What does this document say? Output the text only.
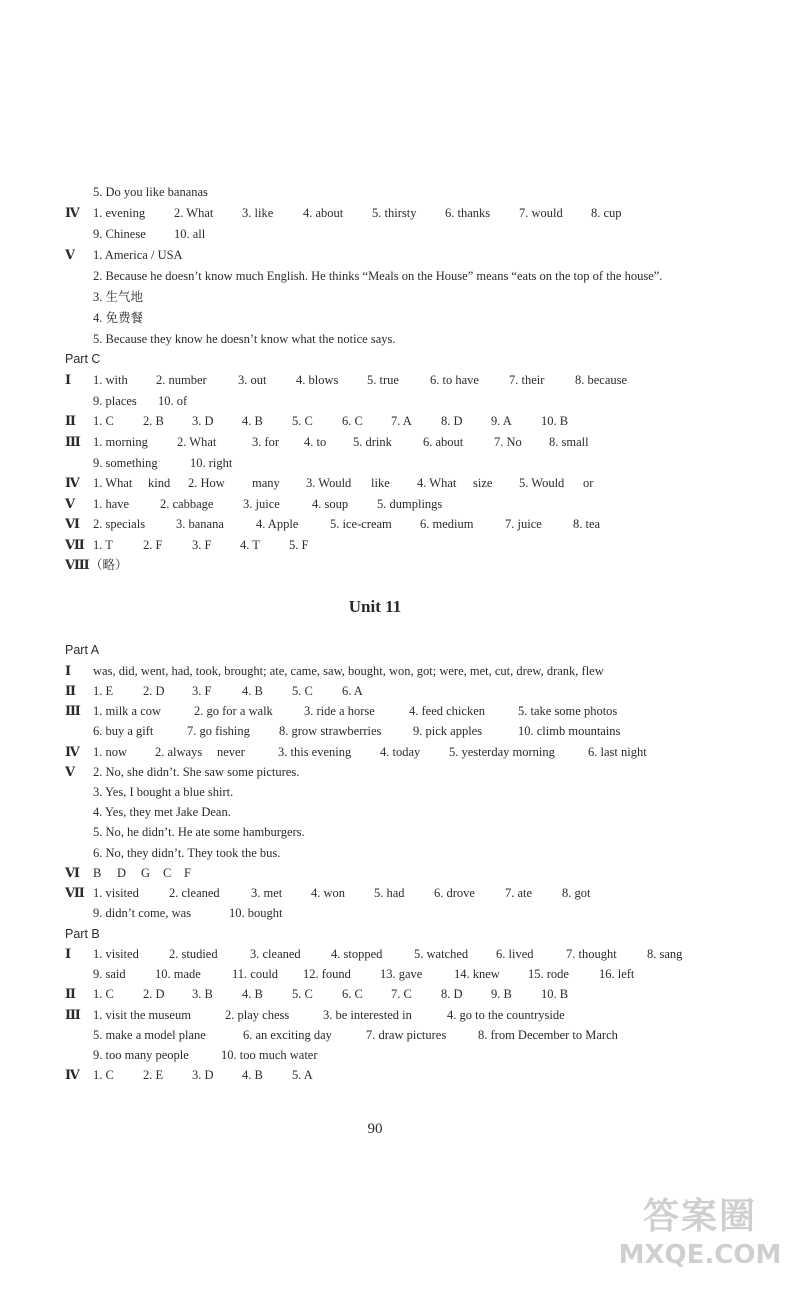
5. Do you like bananas
Ⅳ	1. evening 2. What 3. like 4. about 5. thirsty 6. thanks 7. would 8. cup
9. Chinese 10. all
Ⅴ	1. America / USA
2. Because he doesn’t know much English. He thinks “Meals on the House” means “eats on the top of the house”.
3. 生气地
4. 免费餐
5. Because they know he doesn’t know what the notice says.
Part C
Ⅰ	1. with 2. number	3. out 4. blows 5. true 6. to have 7. their 8. because
9. places 10. of
Ⅱ	1. C 2. B 3. D 4. B 5. C 6. C 7. A 8. D 9. A 10. B
Ⅲ 1. morning 2. What	3. for 4. to 5. drink 6. about 7. No 8. small
9. something	10. right
Ⅳ	1. What kind 2. How many 3. Would like 4. What size 5. Would or
Ⅴ	1. have 2. cabbage 3. juice	4. soup 5. dumplings
Ⅵ	2. specials 3. banana	4. Apple	5. ice-cream 6. medium	7. juice 8. tea
Ⅶ 1. T 2. F 3. F 4. T 5. F
Ⅷ （略）
Unit 11
Part A
Ⅰ	was, did, went, had, took, brought; ate, came, saw, bought, won, got; were, met, cut, drew, drank, flew
Ⅱ	1. E 2. D 3. F 4. B 5. C 6. A
Ⅲ 1. milk a cow	2. go for a walk 3. ride a horse	4. feed chicken	5. take some photos
6. buy a gift	7. go fishing 8. grow strawberries	9. pick apples	10. climb mountains
Ⅳ	1. now 2. always never	3. this evening 4. today 5. yesterday morning	6. last night
Ⅴ	2. No, she didn’t. She saw some pictures.
3. Yes, I bought a blue shirt.
4. Yes, they met Jake Dean.
5. No, he didn’t. He ate some hamburgers.
6. No, they didn’t. They took the bus.
Ⅵ	B D G C F
Ⅶ 1. visited 2. cleaned	3. met 4. won 5. had 6. drove 7. ate 8. got
9. didn’t come, was	10. bought
Part B
Ⅰ	1. visited 2. studied	3. cleaned 4. stopped	5. watched 6. lived	7. thought 8. sang
9. said 10. made 11. could 12. found 13. gave	14. knew 15. rode 16. left
Ⅱ	1. C 2. D 3. B 4. B 5. C 6. C 7. C 8. D 9. B 10. B
Ⅲ 1. visit the museum	2. play chess	3. be interested in	4. go to the countryside
5. make a model plane	6. an exciting day	7. draw pictures	8. from December to March
9. too many people	10. too much water
Ⅳ	1. C 2. E 3. D 4. B 5. A
90
答案圈
MXQE.COM
